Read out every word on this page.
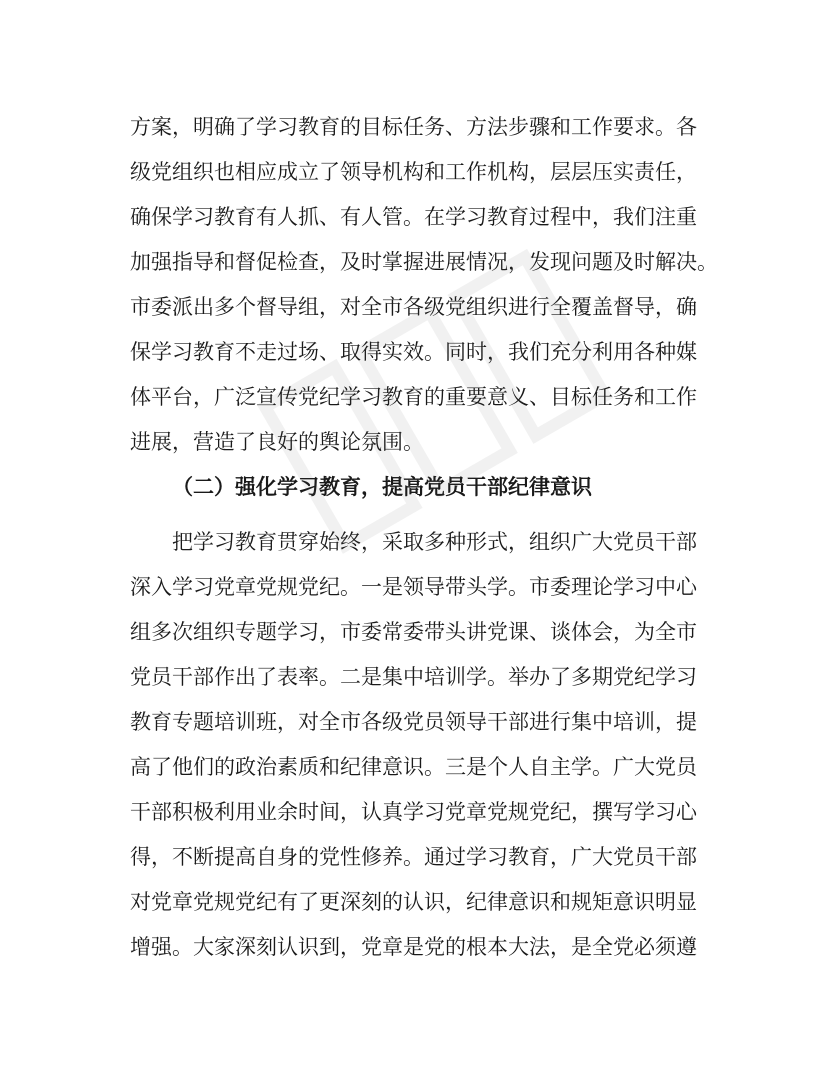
方案，明确了学习教育的目标任务、方法步骤和工作要求。各
级党组织也相应成立了领导机构和工作机构，层层压实责任，
确保学习教育有人抓、有人管。在学习教育过程中，我们注重
加强指导和督促检查，及时掌握进展情况，发现问题及时解决。
市委派出多个督导组，对全市各级党组织进行全覆盖督导，确
保学习教育不走过场、取得实效。同时，我们充分利用各种媒
体平台，广泛宣传党纪学习教育的重要意义、目标任务和工作
进展，营造了良好的舆论氛围。
（二）强化学习教育，提高党员干部纪律意识
　　把学习教育贯穿始终，采取多种形式，组织广大党员干部
深入学习党章党规党纪。一是领导带头学。市委理论学习中心
组多次组织专题学习，市委常委带头讲党课、谈体会，为全市
党员干部作出了表率。二是集中培训学。举办了多期党纪学习
教育专题培训班，对全市各级党员领导干部进行集中培训，提
高了他们的政治素质和纪律意识。三是个人自主学。广大党员
干部积极利用业余时间，认真学习党章党规党纪，撰写学习心
得，不断提高自身的党性修养。通过学习教育，广大党员干部
对党章党规党纪有了更深刻的认识，纪律意识和规矩意识明显
增强。大家深刻认识到，党章是党的根本大法，是全党必须遵
